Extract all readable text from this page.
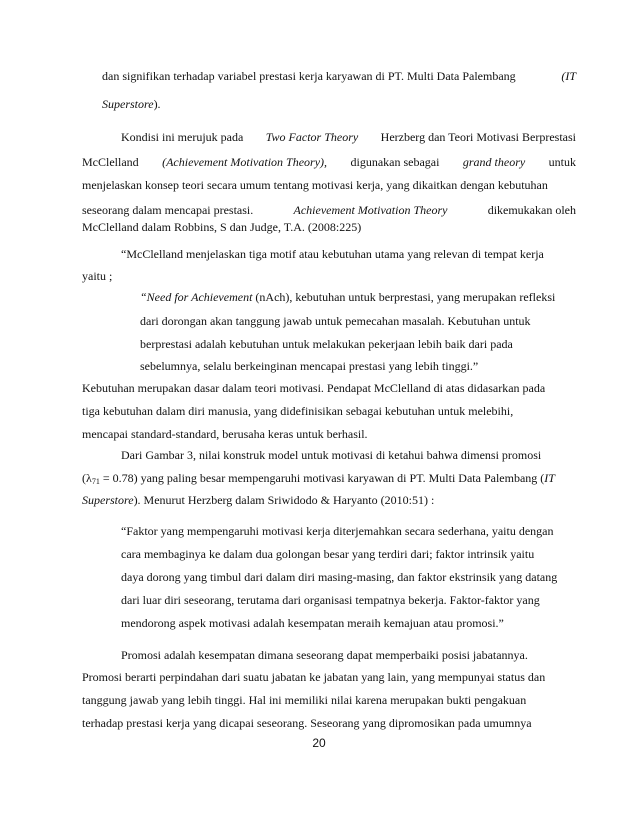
dan signifikan terhadap variabel prestasi kerja karyawan di PT. Multi Data Palembang	(IT
Superstore).
Kondisi ini merujuk pada Two Factor Theory Herzberg dan Teori Motivasi Berprestasi
McClelland (Achievement Motivation Theory), digunakan sebagai grand theory untuk
menjelaskan konsep teori secara umum tentang motivasi kerja, yang dikaitkan dengan kebutuhan
seseorang dalam mencapai prestasi.	Achievement Motivation Theory	dikemukakan oleh
McClelland dalam Robbins, S dan Judge, T.A. (2008:225)
“McClelland menjelaskan tiga motif atau kebutuhan utama yang relevan di tempat kerja
yaitu ;
“Need for Achievement (nAch), kebutuhan untuk berprestasi, yang merupakan refleksi
dari dorongan akan tanggung jawab untuk pemecahan masalah. Kebutuhan untuk
berprestasi adalah kebutuhan untuk melakukan pekerjaan lebih baik dari pada
sebelumnya, selalu berkeinginan mencapai prestasi yang lebih tinggi.”
Kebutuhan merupakan dasar dalam teori motivasi. Pendapat McClelland di atas didasarkan pada
tiga kebutuhan dalam diri manusia, yang didefinisikan sebagai kebutuhan untuk melebihi,
mencapai standard-standard, berusaha keras untuk berhasil.
Dari Gambar 3, nilai konstruk model untuk motivasi di ketahui bahwa dimensi promosi
$(\lambda_{71} = 0.78)$ yang paling besar mempengaruhi motivasi karyawan di PT. Multi Data Palembang (IT
Superstore). Menurut Herzberg dalam Sriwidodo & Haryanto (2010:51) :
“Faktor yang mempengaruhi motivasi kerja diterjemahkan secara sederhana, yaitu dengan
cara membaginya ke dalam dua golongan besar yang terdiri dari; faktor intrinsik yaitu
daya dorong yang timbul dari dalam diri masing-masing, dan faktor ekstrinsik yang datang
dari luar diri seseorang, terutama dari organisasi tempatnya bekerja. Faktor-faktor yang
mendorong aspek motivasi adalah kesempatan meraih kemajuan atau promosi.”
Promosi adalah kesempatan dimana seseorang dapat memperbaiki posisi jabatannya.
Promosi berarti perpindahan dari suatu jabatan ke jabatan yang lain, yang mempunyai status dan
tanggung jawab yang lebih tinggi. Hal ini memiliki nilai karena merupakan bukti pengakuan
terhadap prestasi kerja yang dicapai seseorang. Seseorang yang dipromosikan pada umumnya
20
